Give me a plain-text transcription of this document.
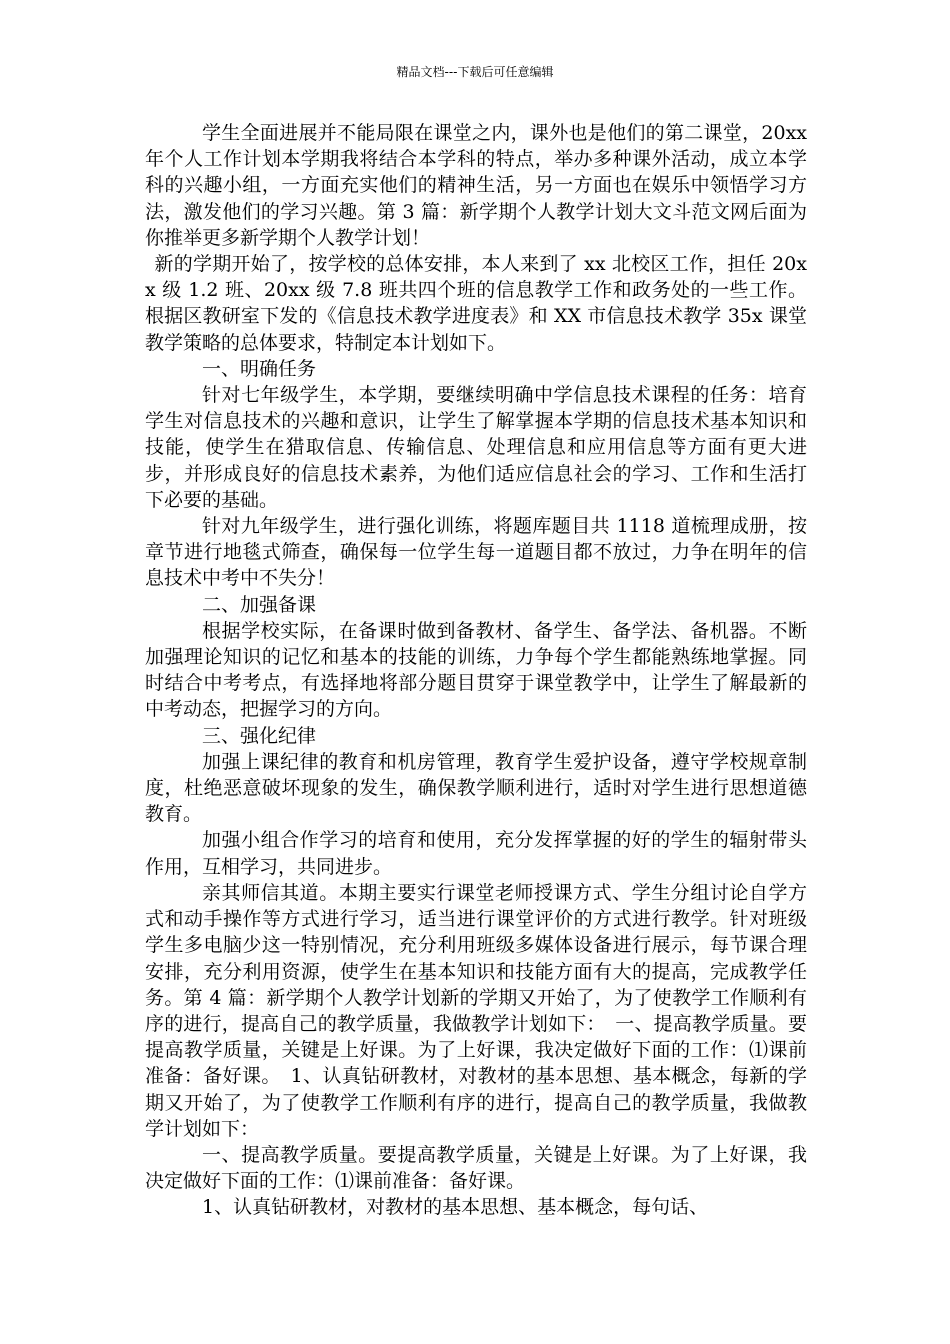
精品文档---下载后可任意编辑

学生全面进展并不能局限在课堂之内，课外也是他们的第二课堂，20xx 年个人工作计划本学期我将结合本学科的特点，举办多种课外活动，成立本学科的兴趣小组，一方面充实他们的精神生活，另一方面也在娱乐中领悟学习方法，激发他们的学习兴趣。第 3 篇：新学期个人教学计划大文斗范文网后面为你推举更多新学期个人教学计划！

新的学期开始了，按学校的总体安排，本人来到了 xx 北校区工作，担任 20xx 级 1.2 班、20xx 级 7.8 班共四个班的信息教学工作和政务处的一些工作。根据区教研室下发的《信息技术教学进度表》和 XX 市信息技术教学 35x 课堂教学策略的总体要求，特制定本计划如下。

一、明确任务

针对七年级学生，本学期，要继续明确中学信息技术课程的任务：培育学生对信息技术的兴趣和意识，让学生了解掌握本学期的信息技术基本知识和技能，使学生在猎取信息、传输信息、处理信息和应用信息等方面有更大进步，并形成良好的信息技术素养，为他们适应信息社会的学习、工作和生活打下必要的基础。

针对九年级学生，进行强化训练，将题库题目共 1118 道梳理成册，按章节进行地毯式筛查，确保每一位学生每一道题目都不放过，力争在明年的信息技术中考中不失分！

二、加强备课

根据学校实际，在备课时做到备教材、备学生、备学法、备机器。不断加强理论知识的记忆和基本的技能的训练，力争每个学生都能熟练地掌握。同时结合中考考点，有选择地将部分题目贯穿于课堂教学中，让学生了解最新的中考动态，把握学习的方向。

三、强化纪律

加强上课纪律的教育和机房管理，教育学生爱护设备，遵守学校规章制度，杜绝恶意破坏现象的发生，确保教学顺利进行，适时对学生进行思想道德教育。

加强小组合作学习的培育和使用，充分发挥掌握的好的学生的辐射带头作用，互相学习，共同进步。

亲其师信其道。本期主要实行课堂老师授课方式、学生分组讨论自学方式和动手操作等方式进行学习，适当进行课堂评价的方式进行教学。针对班级学生多电脑少这一特别情况，充分利用班级多媒体设备进行展示，每节课合理安排，充分利用资源，使学生在基本知识和技能方面有大的提高，完成教学任务。第 4 篇：新学期个人教学计划新的学期又开始了，为了使教学工作顺利有序的进行，提高自己的教学质量，我做教学计划如下：　一、提高教学质量。要提高教学质量，关键是上好课。为了上好课，我决定做好下面的工作：⑴课前准备：备好课。　1、认真钻研教材，对教材的基本思想、基本概念，每新的学期又开始了，为了使教学工作顺利有序的进行，提高自己的教学质量，我做教学计划如下：

一、提高教学质量。要提高教学质量，关键是上好课。为了上好课，我决定做好下面的工作：⑴课前准备：备好课。

1、认真钻研教材，对教材的基本思想、基本概念，每句话、
